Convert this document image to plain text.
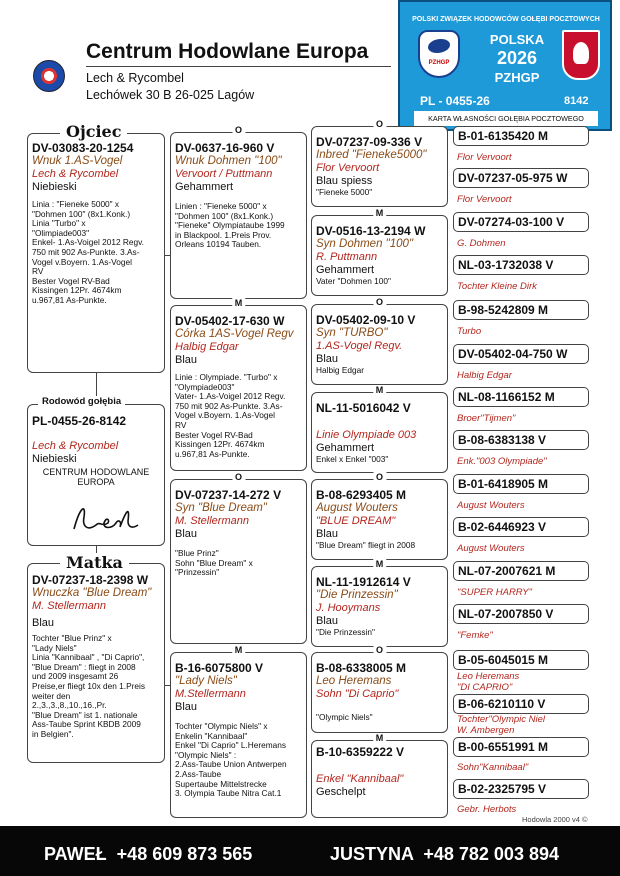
Centrum Hodowlane Europa
Lech & Rycombel
Lechówek 30 B 26-025 Lagów
POLSKI ZWIĄZEK HODOWCÓW GOŁĘBI POCZTOWYCH
PZHGP
POLSKA
2026
PZHGP
PL - 0455-26	8142
KARTA WŁASNOŚCI GOŁĘBIA POCZTOWEGO
DV-03083-20-1254
Wnuk 1.AS-Vogel
Lech & Rycombel
Niebieski
Linia : "Fieneke 5000" x
"Dohmen 100" (8x1.Konk.)
Linia "Turbo" x
"Olimpiade003"
Enkel- 1.As-Voigel 2012 Regv.
750 mit 902 As-Punkte. 3.As-
Vogel v.Boyern. 1.As-Vogel
RV
Bester Vogel RV-Bad
Kissingen 12Pr. 4674km
u.967,81 As-Punkte.
Ojciec
PL-0455-26-8142
Lech & Rycombel
Niebieski
CENTRUM HODOWLANE
EUROPA
Rodowód gołębia
DV-07237-18-2398 W
Wnuczka "Blue Dream"
M. Stellermann
Blau
Tochter "Blue Prinz" x
"Lady Niels"
Linia "Kannibaal" , "Di Caprio",
"Blue Dream" : fliegt in 2008
und 2009 insgesamt 26
Preise,er fliegt 10x den 1.Preis
weiter den
2.,3.,3.,8.,10.,16.,Pr.
"Blue Dream" ist 1. nationale
Ass-Taube Sprint KBDB 2009
in Belgien".
Matka
O
DV-0637-16-960 V
Wnuk Dohmen "100"
Vervoort / Puttmann
Gehammert
Linien : "Fieneke 5000" x
"Dohmen 100" (8x1.Konk.)
"Fieneke" Olympiataube 1999
in Blackpool. 1.Preis Prov.
Orleans 10194 Tauben.
M
DV-05402-17-630 W
Córka 1AS-Vogel Regv
Halbig Edgar
Blau
Linie : Olympiade. "Turbo" x
"Olympiade003"
Vater- 1.As-Voigel 2012 Regv.
750 mit 902 As-Punkte. 3.As-
Vogel v.Boyern. 1.As-Vogel
RV
Bester Vogel RV-Bad
Kissingen 12Pr. 4674km
u.967,81 As-Punkte.
O
DV-07237-14-272 V
Syn "Blue Dream"
M. Stellermann
Blau
"Blue Prinz"
Sohn "Blue Dream" x
"Prinzessin"
M
B-16-6075800 V
"Lady Niels"
M.Stellermann
Blau
Tochter "Olympic Niels" x
Enkelin "Kannibaal"
Enkel "Di Caprio" L.Heremans
"Olympic Niels" :
2.Ass-Taube Union Antwerpen
2.Ass-Taube
Supertaube Mittelstrecke
3. Olympia Taube Nitra Cat.1
O
DV-07237-09-336 V
Inbred "Fieneke5000"
Flor Vervoort
Blau spiess
"Fieneke 5000"
M
DV-0516-13-2194 W
Syn Dohmen "100"
R. Puttmann
Gehammert
Vater "Dohmen 100"
O
DV-05402-09-10 V
Syn "TURBO"
1.AS-Vogel Regv.
Blau
Halbig Edgar
M
NL-11-5016042 V
Linie Olympiade 003
Gehammert
Enkel x Enkel "003"
O
B-08-6293405 M
August Wouters
"BLUE DREAM"
Blau
"Blue Dream" fliegt in 2008
M
NL-11-1912614 V
"Die Prinzessin"
J. Hooymans
Blau
"Die Prinzessin"
O
B-08-6338005 M
Leo Heremans
Sohn "Di Caprio"
"Olympic Niels"
M
B-10-6359222 V
Enkel "Kannibaal"
Geschelpt
B-01-6135420 M
Flor Vervoort
DV-07237-05-975 W
Flor Vervoort
DV-07274-03-100 V
G. Dohmen
NL-03-1732038 V
Tochter Kleine Dirk
B-98-5242809 M
Turbo
DV-05402-04-750 W
Halbig Edgar
NL-08-1166152 M
Broer"Tijmen"
B-08-6383138 V
Enk."003 Olympiade"
B-01-6418905 M
August Wouters
B-02-6446923 V
August Wouters
NL-07-2007621 M
"SUPER HARRY"
NL-07-2007850 V
"Femke"
B-05-6045015 M
Leo Heremans
"DI CAPRIO"
B-06-6210110 V
Tochter"Olympic Niel
W. Ambergen
B-00-6551991 M
Sohn"Kannibaal"
B-02-2325795 V
Gebr. Herbots
Hodowla 2000 v4 ©
PAWEŁ  +48 609 873 565	JUSTYNA  +48 782 003 894
